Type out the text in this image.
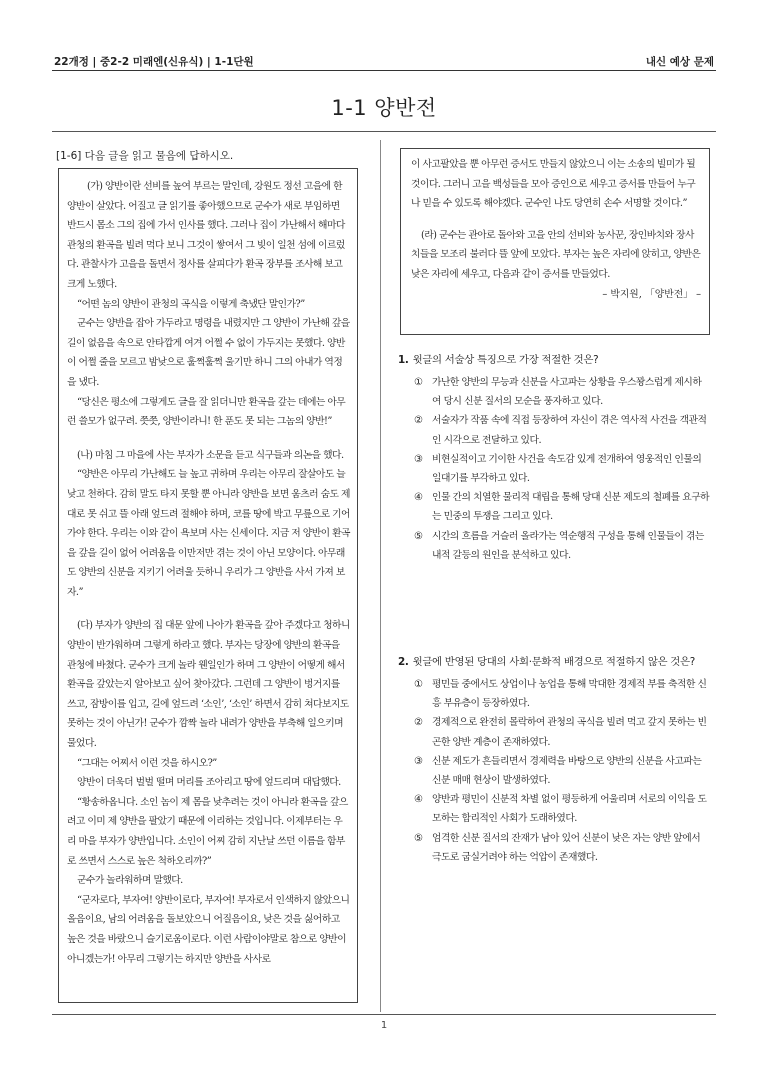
22개정 | 중2-2 미래엔(신유식) | 1-1단원	내신 예상 문제
1-1 양반전
[1-6] 다음 글을 읽고 물음에 답하시오.

(가) 양반이란 선비를 높여 부르는 말인데, 강원도 정선 고을에 한 양반이 살았다. 어질고 글 읽기를 좋아했으므로 군수가 새로 부임하면 반드시 몸소 그의 집에 가서 인사를 했다. 그러나 집이 가난해서 해마다 관청의 환곡을 빌려 먹다 보니 그것이 쌓여서 그 빚이 일천 섬에 이르렀다. 관찰사가 고을을 돌면서 정사를 살피다가 환곡 장부를 조사해 보고 크게 노했다.

“어떤 놈의 양반이 관청의 곡식을 이렇게 축냈단 말인가?”

군수는 양반을 잡아 가두라고 명령을 내렸지만 그 양반이 가난해 갚을 길이 없음을 속으로 안타깝게 여겨 어쩔 수 없이 가두지는 못했다. 양반이 어쩔 줄을 모르고 밤낮으로 훌쩍훌쩍 울기만 하니 그의 아내가 역정을 냈다.

“당신은 평소에 그렇게도 글을 잘 읽더니만 환곡을 갚는 데에는 아무런 쓸모가 없구려. 쯧쯧, 양반이라니! 한 푼도 못 되는 그놈의 양반!”

(나) 마침 그 마을에 사는 부자가 소문을 듣고 식구들과 의논을 했다.

“양반은 아무리 가난해도 늘 높고 귀하며 우리는 아무리 잘살아도 늘 낮고 천하다. 감히 말도 타지 못할 뿐 아니라 양반을 보면 움츠러 숨도 제대로 못 쉬고 뜰 아래 엎드려 절해야 하며, 코를 땅에 박고 무릎으로 기어가야 한다. 우리는 이와 같이 욕보며 사는 신세이다. 지금 저 양반이 환곡을 갚을 길이 없어 어려움을 이만저만 겪는 것이 아닌 모양이다. 아무래도 양반의 신분을 지키기 어려울 듯하니 우리가 그 양반을 사서 가져 보자.”

(다) 부자가 양반의 집 대문 앞에 나아가 환곡을 갚아 주겠다고 청하니 양반이 반가워하며 그렇게 하라고 했다. 부자는 당장에 양반의 환곡을 관청에 바쳤다. 군수가 크게 놀라 웬일인가 하며 그 양반이 어떻게 해서 환곡을 갚았는지 알아보고 싶어 찾아갔다. 그런데 그 양반이 벙거지를 쓰고, 잠방이를 입고, 길에 엎드려 ‘소인’, ‘소인’ 하면서 감히 쳐다보지도 못하는 것이 아닌가! 군수가 깜짝 놀라 내려가 양반을 부축해 일으키며 물었다.

“그대는 어찌서 이런 것을 하시오?”

양반이 더욱더 벌벌 떨며 머리를 조아리고 땅에 엎드리며 대답했다.

“황송하옵니다. 소인 놈이 제 몸을 낮추려는 것이 아니라 환곡을 갚으려고 이미 제 양반을 팔았기 때문에 이리하는 것입니다. 이제부터는 우리 마을 부자가 양반입니다. 소인이 어찌 감히 지난날 쓰던 이름을 함부로 쓰면서 스스로 높은 척하오리까?”

군수가 놀라워하며 말했다.

“군자로다, 부자여! 양반이로다, 부자여! 부자로서 인색하지 않았으니 올음이요, 남의 어려움을 돌보았으니 어질음이요, 낮은 것을 싫어하고 높은 것을 바랐으니 슬기로움이로다. 이런 사람이야말로 참으로 양반이 아니겠는가! 아무리 그렇기는 하지만 양반을 사사로

이 사고팔았을 뿐 아무런 증서도 만들지 않았으니 이는 소송의 빌미가 될 것이다. 그러니 고을 백성들을 모아 증인으로 세우고 증서를 만들어 누구나 믿을 수 있도록 해야겠다. 군수인 나도 당연히 손수 서명할 것이다.”

(라) 군수는 관아로 돌아와 고을 안의 선비와 농사꾼, 장인바치와 장사치들을 모조리 불러다 뜰 앞에 모았다. 부자는 높은 자리에 앉히고, 양반은 낮은 자리에 세우고, 다음과 같이 증서를 만들었다.

– 박지원, 「양반전」 –

1. 윗글의 서술상 특징으로 가장 적절한 것은?
① 가난한 양반의 무능과 신분을 사고파는 상황을 우스꽝스럽게 제시하여 당시 신분 질서의 모순을 풍자하고 있다.
② 서술자가 작품 속에 직접 등장하여 자신이 겪은 역사적 사건을 객관적인 시각으로 전달하고 있다.
③ 비현실적이고 기이한 사건을 속도감 있게 전개하여 영웅적인 인물의 일대기를 부각하고 있다.
④ 인물 간의 치열한 물리적 대립을 통해 당대 신분 제도의 철폐를 요구하는 민중의 투쟁을 그리고 있다.
⑤ 시간의 흐름을 거슬러 올라가는 역순행적 구성을 통해 인물들이 겪는 내적 갈등의 원인을 분석하고 있다.
2. 윗글에 반영된 당대의 사회·문화적 배경으로 적절하지 않은 것은?
① 평민들 중에서도 상업이나 농업을 통해 막대한 경제적 부를 축적한 신흥 부유층이 등장하였다.
② 경제적으로 완전히 몰락하여 관청의 곡식을 빌려 먹고 갚지 못하는 빈곤한 양반 계층이 존재하였다.
③ 신분 제도가 흔들리면서 경제력을 바탕으로 양반의 신분을 사고파는 신분 매매 현상이 발생하였다.
④ 양반과 평민이 신분적 차별 없이 평등하게 어울리며 서로의 이익을 도모하는 합리적인 사회가 도래하였다.
⑤ 엄격한 신분 질서의 잔재가 남아 있어 신분이 낮은 자는 양반 앞에서 극도로 굽실거려야 하는 억압이 존재했다.
1
